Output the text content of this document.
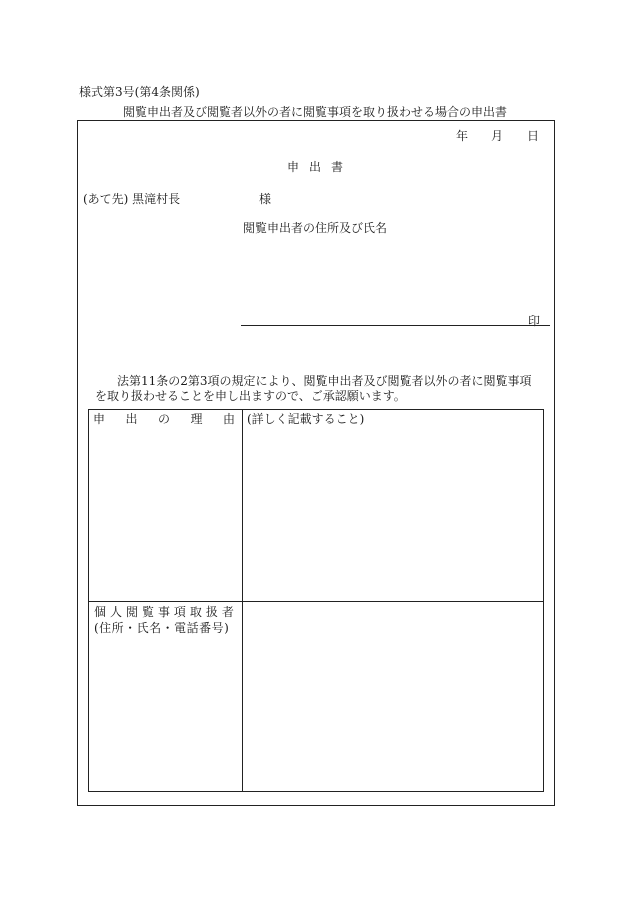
様式第3号(第4条関係)
閲覧申出者及び閲覧者以外の者に閲覧事項を取り扱わせる場合の申出書
年 月 日
申出書
(あて先) 黒滝村長	様
閲覧申出者の住所及び氏名
印
法第11条の2第3項の規定により、閲覧申出者及び閲覧者以外の者に閲覧事項を取り扱わせることを申し出ますので、ご承認願います。
申 出 の 理 由 (詳しく記載すること)
個 人 閲 覧 事 項 取 扱 者
(住所・氏名・電話番号)
